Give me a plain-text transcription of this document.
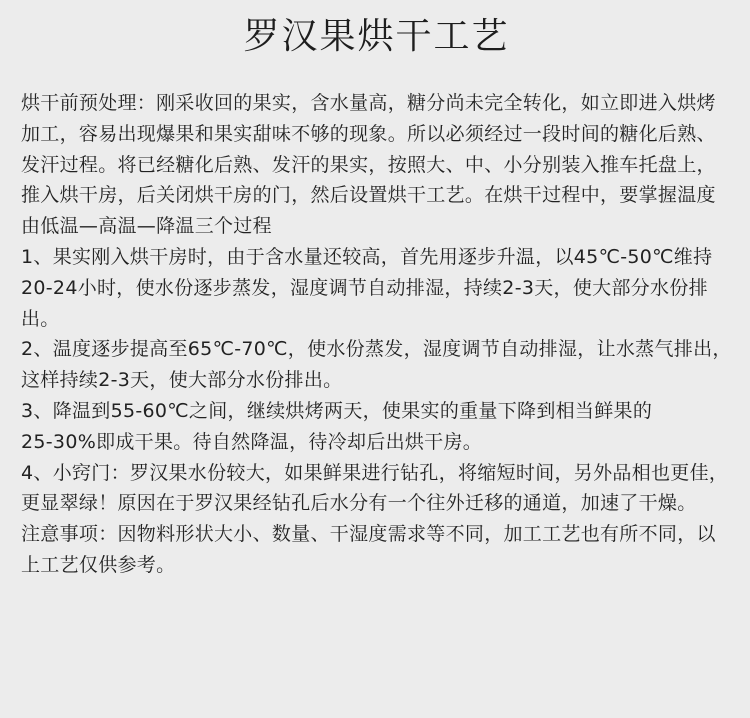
罗汉果烘干工艺

烘干前预处理：刚采收回的果实，含水量高，糖分尚未完全转化，如立即进入烘烤加工，容易出现爆果和果实甜味不够的现象。所以必须经过一段时间的糖化后熟、发汗过程。将已经糖化后熟、发汗的果实，按照大、中、小分别装入推车托盘上，推入烘干房，后关闭烘干房的门，然后设置烘干工艺。在烘干过程中，要掌握温度由低温—高温—降温三个过程

1、果实刚入烘干房时，由于含水量还较高，首先用逐步升温，以45℃-50℃维持20-24小时，使水份逐步蒸发，湿度调节自动排湿，持续2-3天，使大部分水份排出。

2、温度逐步提高至65℃-70℃，使水份蒸发，湿度调节自动排湿，让水蒸气排出，这样持续2-3天，使大部分水份排出。

3、降温到55-60℃之间，继续烘烤两天，使果实的重量下降到相当鲜果的

25-30%即成干果。待自然降温，待冷却后出烘干房。

4、小窍门：罗汉果水份较大，如果鲜果进行钻孔，将缩短时间，另外品相也更佳，更显翠绿！原因在于罗汉果经钻孔后水分有一个往外迁移的通道，加速了干燥。

注意事项：因物料形状大小、数量、干湿度需求等不同，加工工艺也有所不同，以上工艺仅供参考。
